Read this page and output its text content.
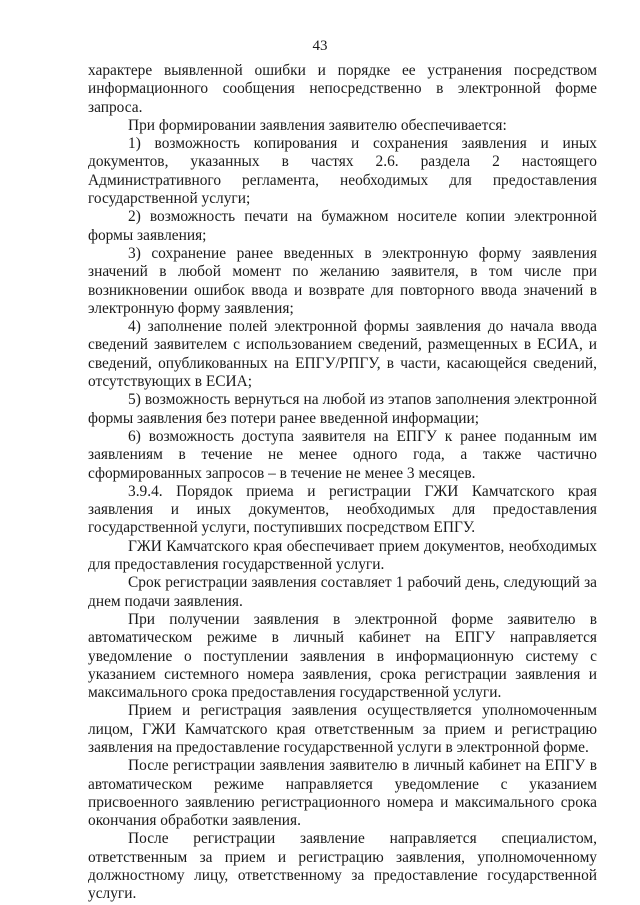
43

характере выявленной ошибки и порядке ее устранения посредством информационного сообщения непосредственно в электронной форме запроса.

При формировании заявления заявителю обеспечивается:

1) возможность копирования и сохранения заявления и иных документов, указанных в частях 2.6. раздела 2 настоящего Административного регламента, необходимых для предоставления государственной услуги;

2) возможность печати на бумажном носителе копии электронной формы заявления;

3) сохранение ранее введенных в электронную форму заявления значений в любой момент по желанию заявителя, в том числе при возникновении ошибок ввода и возврате для повторного ввода значений в электронную форму заявления;

4) заполнение полей электронной формы заявления до начала ввода сведений заявителем с использованием сведений, размещенных в ЕСИА, и сведений, опубликованных на ЕПГУ/РПГУ, в части, касающейся сведений, отсутствующих в ЕСИА;

5) возможность вернуться на любой из этапов заполнения электронной формы заявления без потери ранее введенной информации;

6) возможность доступа заявителя на ЕПГУ к ранее поданным им заявлениям в течение не менее одного года, а также частично сформированных запросов – в течение не менее 3 месяцев.

3.9.4. Порядок приема и регистрации ГЖИ Камчатского края заявления и иных документов, необходимых для предоставления государственной услуги, поступивших посредством ЕПГУ.

ГЖИ Камчатского края обеспечивает прием документов, необходимых для предоставления государственной услуги.

Срок регистрации заявления составляет 1 рабочий день, следующий за днем подачи заявления.

При получении заявления в электронной форме заявителю в автоматическом режиме в личный кабинет на ЕПГУ направляется уведомление о поступлении заявления в информационную систему с указанием системного номера заявления, срока регистрации заявления и максимального срока предоставления государственной услуги.

Прием и регистрация заявления осуществляется уполномоченным лицом, ГЖИ Камчатского края ответственным за прием и регистрацию заявления на предоставление государственной услуги в электронной форме.

После регистрации заявления заявителю в личный кабинет на ЕПГУ в автоматическом режиме направляется уведомление с указанием присвоенного заявлению регистрационного номера и максимального срока окончания обработки заявления.

После регистрации заявление направляется специалистом, ответственным за прием и регистрацию заявления, уполномоченному должностному лицу, ответственному за предоставление государственной услуги.
